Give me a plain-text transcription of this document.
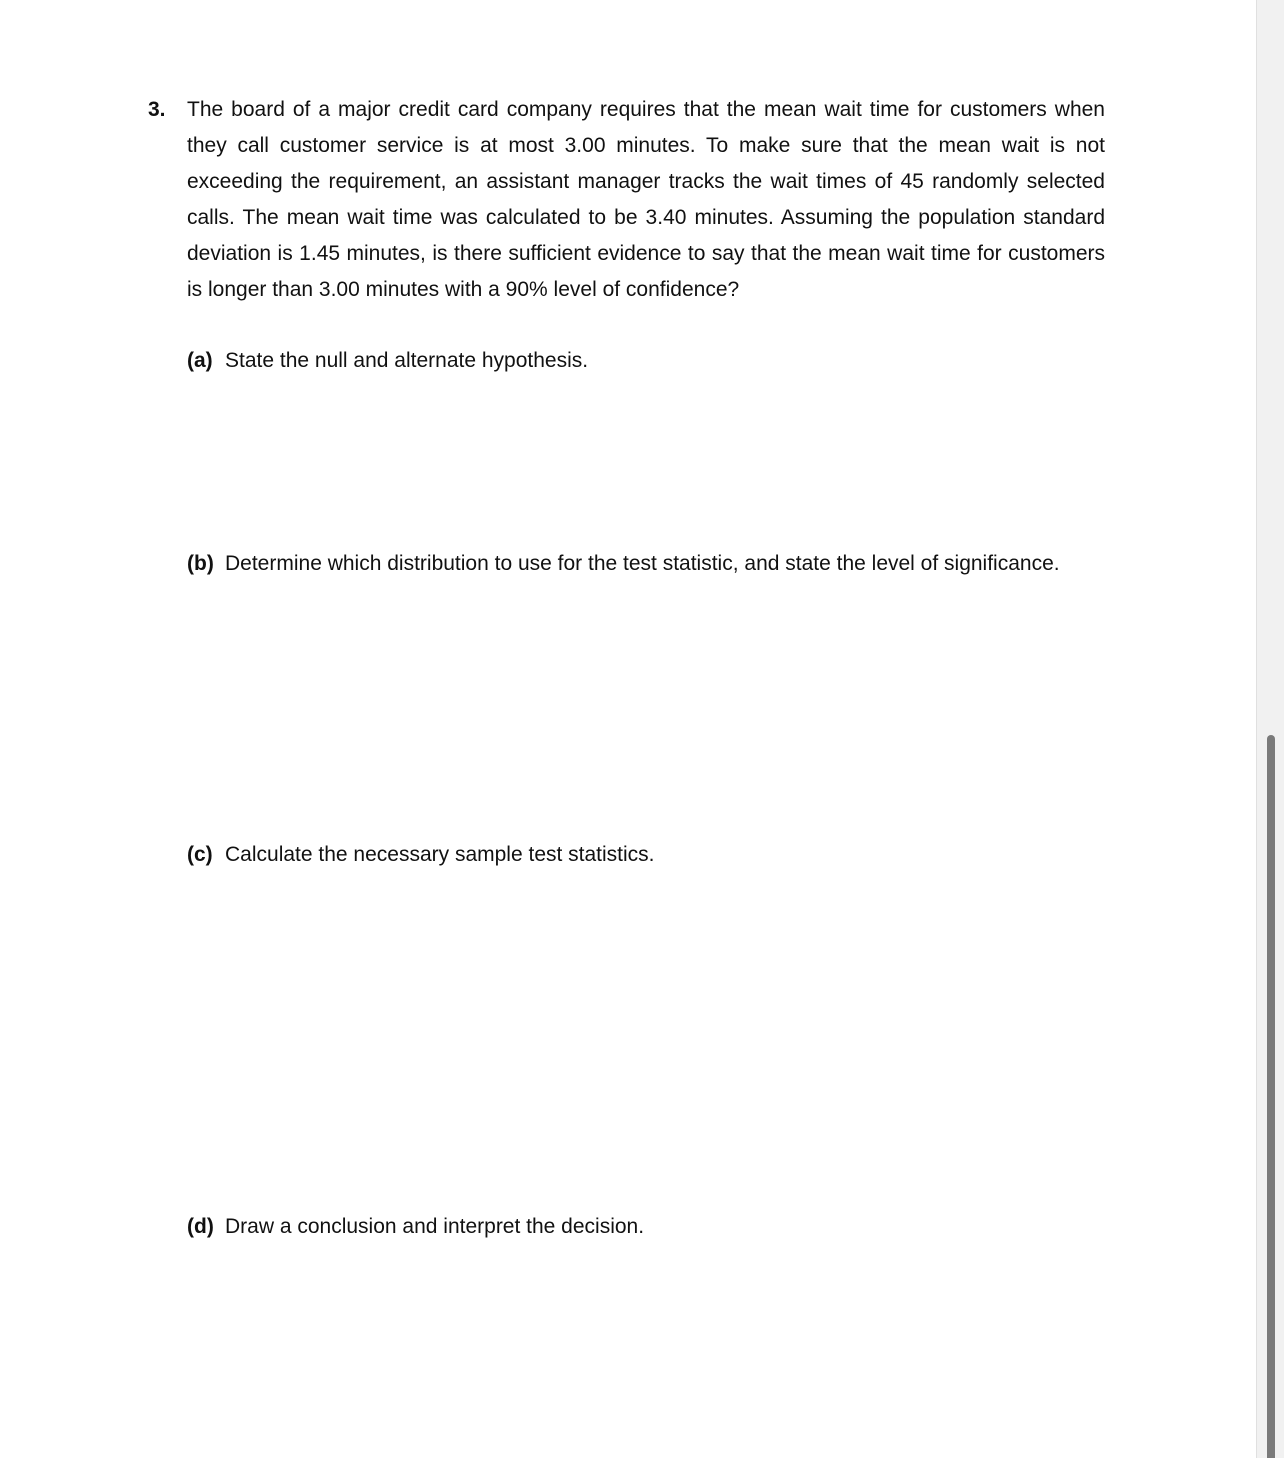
3. The board of a major credit card company requires that the mean wait time for customers when they call customer service is at most 3.00 minutes. To make sure that the mean wait is not exceeding the requirement, an assistant manager tracks the wait times of 45 randomly selected calls. The mean wait time was calculated to be 3.40 minutes. Assuming the population standard deviation is 1.45 minutes, is there sufficient evidence to say that the mean wait time for customers is longer than 3.00 minutes with a 90% level of confidence?

(a) State the null and alternate hypothesis.
(b) Determine which distribution to use for the test statistic, and state the level of significance.
(c) Calculate the necessary sample test statistics.
(d) Draw a conclusion and interpret the decision.
